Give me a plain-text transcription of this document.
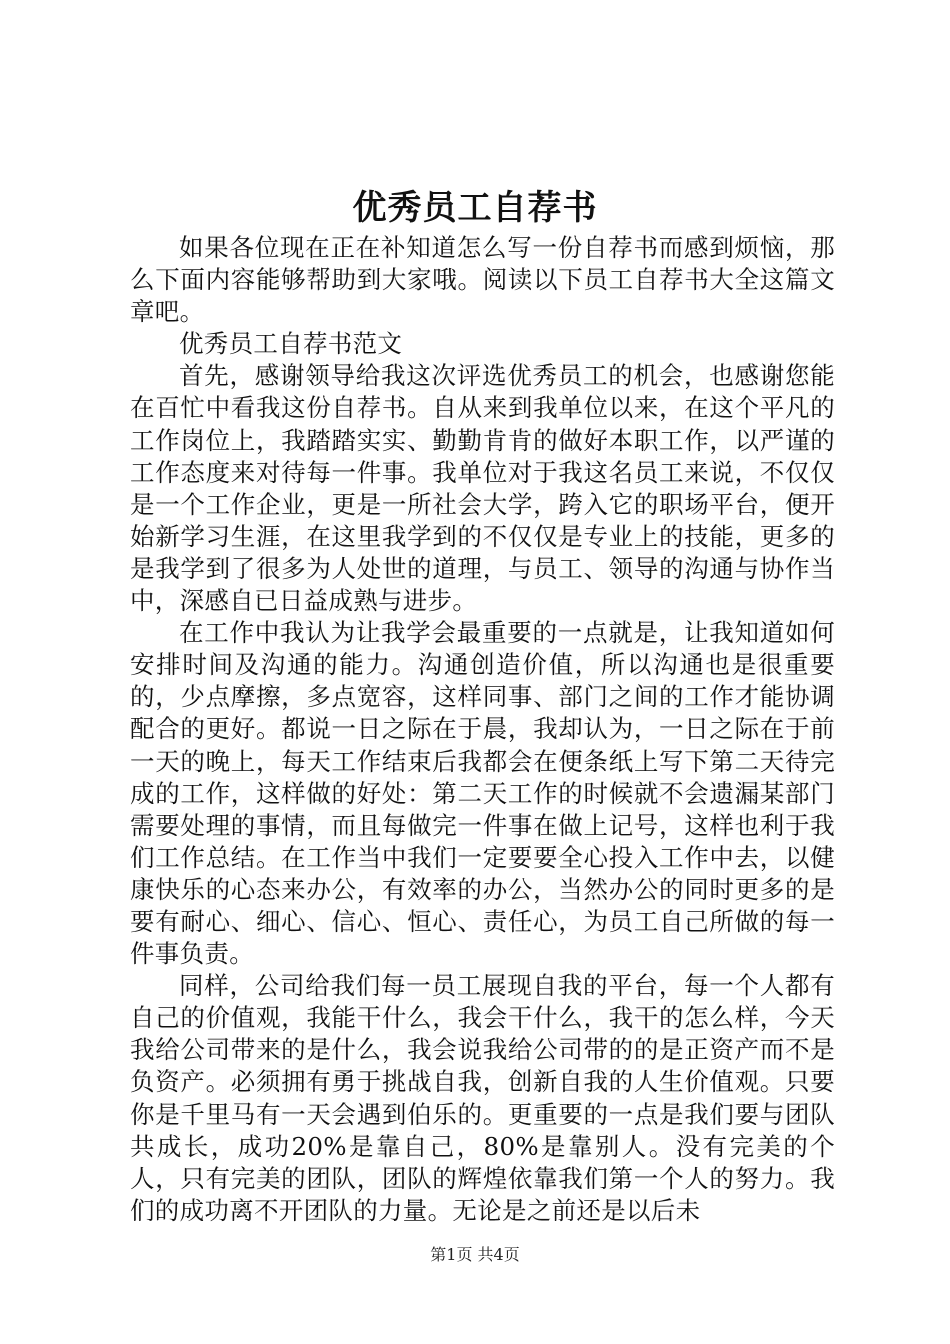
优秀员工自荐书

如果各位现在正在补知道怎么写一份自荐书而感到烦恼，那么下面内容能够帮助到大家哦。阅读以下员工自荐书大全这篇文章吧。

优秀员工自荐书范文

首先，感谢领导给我这次评选优秀员工的机会，也感谢您能在百忙中看我这份自荐书。自从来到我单位以来，在这个平凡的工作岗位上，我踏踏实实、勤勤肯肯的做好本职工作，以严谨的工作态度来对待每一件事。我单位对于我这名员工来说，不仅仅是一个工作企业，更是一所社会大学，跨入它的职场平台，便开始新学习生涯，在这里我学到的不仅仅是专业上的技能，更多的是我学到了很多为人处世的道理，与员工、领导的沟通与协作当中，深感自已日益成熟与进步。

在工作中我认为让我学会最重要的一点就是，让我知道如何安排时间及沟通的能力。沟通创造价值，所以沟通也是很重要的，少点摩擦，多点宽容，这样同事、部门之间的工作才能协调配合的更好。都说一日之际在于晨，我却认为，一日之际在于前一天的晚上，每天工作结束后我都会在便条纸上写下第二天待完成的工作，这样做的好处：第二天工作的时候就不会遗漏某部门需要处理的事情，而且每做完一件事在做上记号，这样也利于我们工作总结。在工作当中我们一定要要全心投入工作中去，以健康快乐的心态来办公，有效率的办公，当然办公的同时更多的是要有耐心、细心、信心、恒心、责任心，为员工自己所做的每一件事负责。

同样，公司给我们每一员工展现自我的平台，每一个人都有自己的价值观，我能干什么，我会干什么，我干的怎么样，今天我给公司带来的是什么，我会说我给公司带的的是正资产而不是负资产。必须拥有勇于挑战自我，创新自我的人生价值观。只要你是千里马有一天会遇到伯乐的。更重要的一点是我们要与团队共成长，成功20%是靠自己，80%是靠别人。没有完美的个人，只有完美的团队，团队的辉煌依靠我们第一个人的努力。我们的成功离不开团队的力量。无论是之前还是以后未

第1页 共4页
